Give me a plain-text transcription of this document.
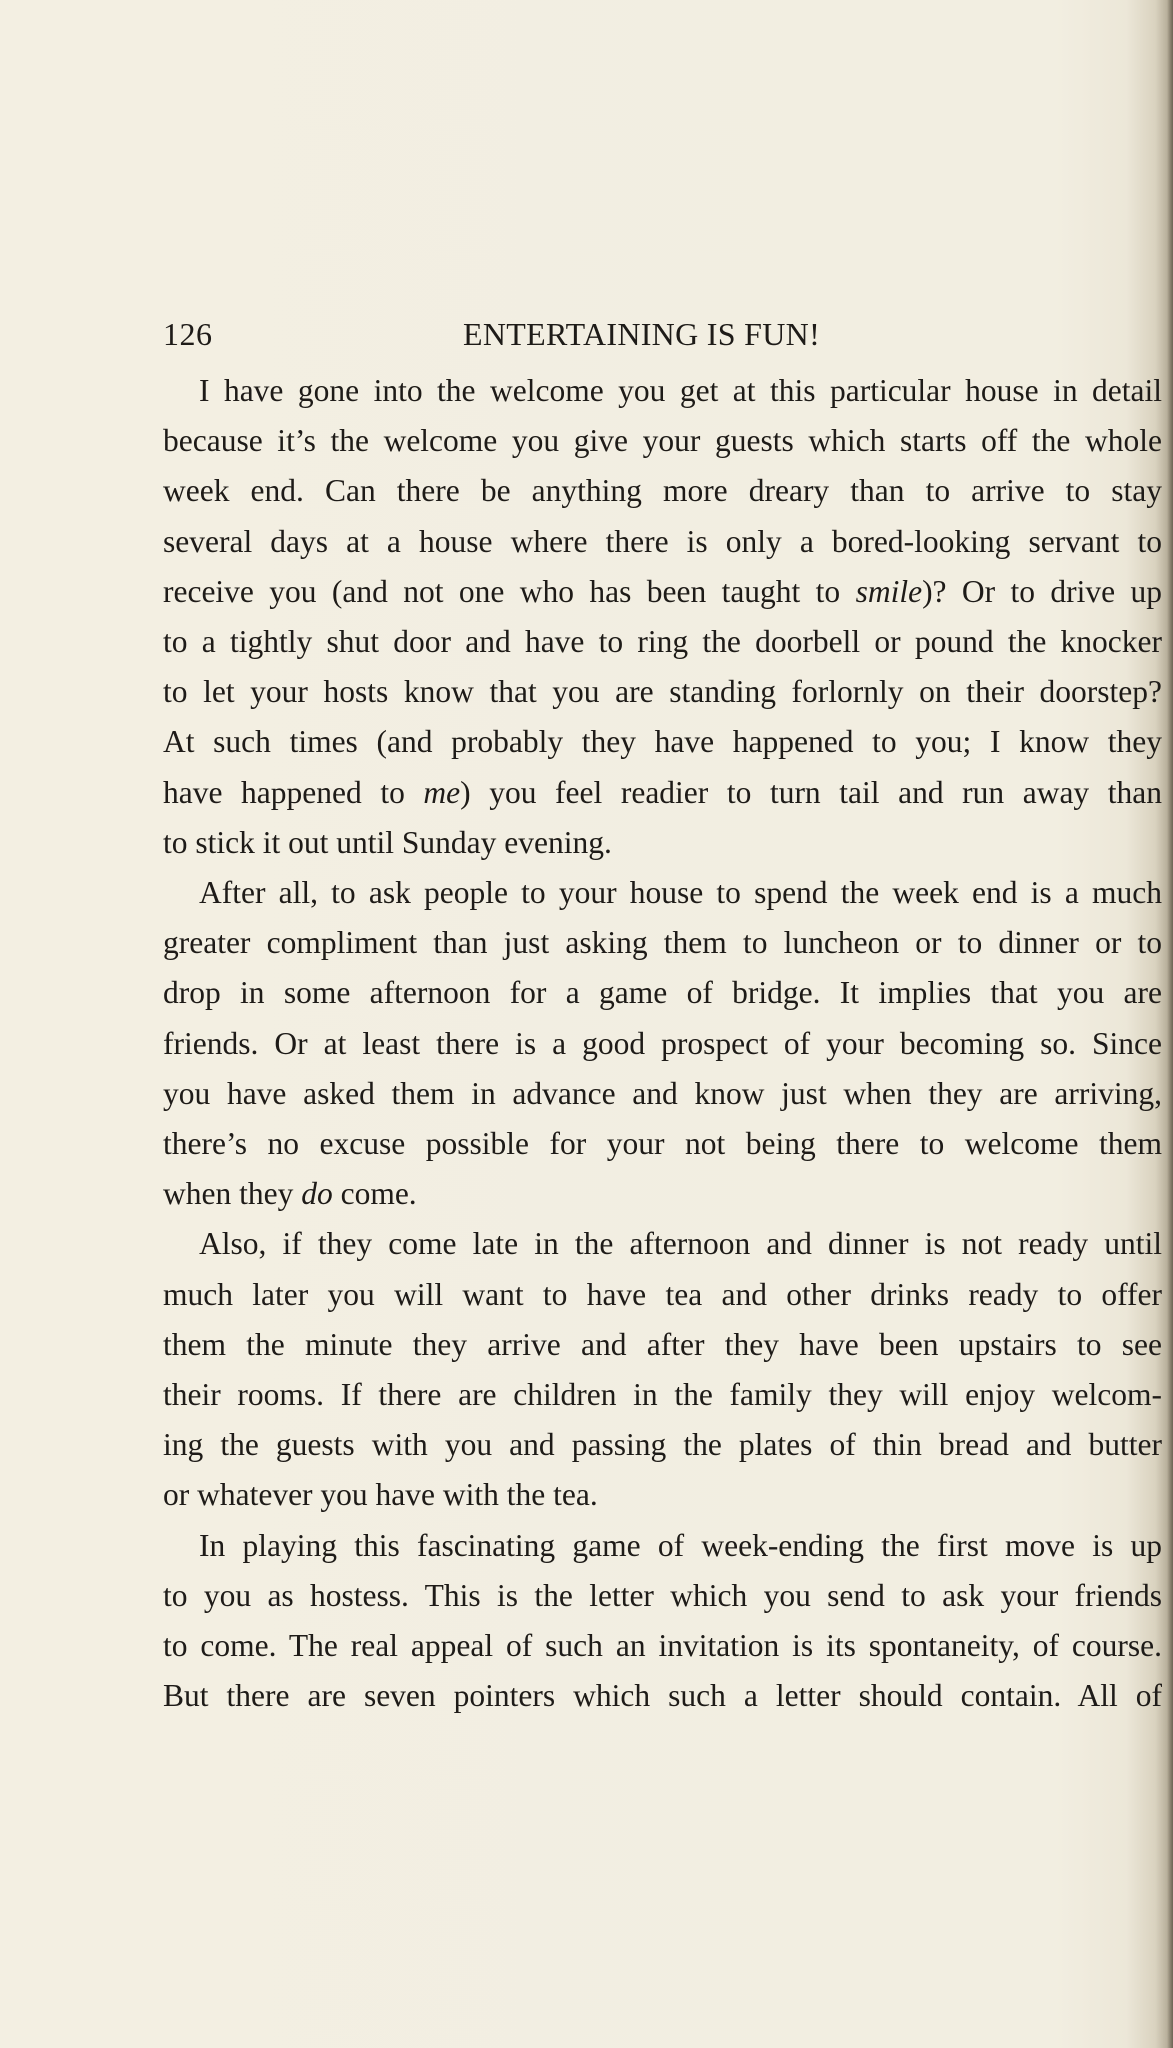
126	ENTERTAINING IS FUN!
I have gone into the welcome you get at this particular house in detail
because it’s the welcome you give your guests which starts off the whole
week end. Can there be anything more dreary than to arrive to stay
several days at a house where there is only a bored-looking servant to
receive you (and not one who has been taught to smile)? Or to drive up
to a tightly shut door and have to ring the doorbell or pound the knocker
to let your hosts know that you are standing forlornly on their doorstep?
At such times (and probably they have happened to you; I know they
have happened to me) you feel readier to turn tail and run away than
to stick it out until Sunday evening.
After all, to ask people to your house to spend the week end is a much
greater compliment than just asking them to luncheon or to dinner or to
drop in some afternoon for a game of bridge. It implies that you are
friends. Or at least there is a good prospect of your becoming so. Since
you have asked them in advance and know just when they are arriving,
there’s no excuse possible for your not being there to welcome them
when they do come.
Also, if they come late in the afternoon and dinner is not ready until
much later you will want to have tea and other drinks ready to offer
them the minute they arrive and after they have been upstairs to see
their rooms. If there are children in the family they will enjoy welcom-
ing the guests with you and passing the plates of thin bread and butter
or whatever you have with the tea.
In playing this fascinating game of week-ending the first move is up
to you as hostess. This is the letter which you send to ask your friends
to come. The real appeal of such an invitation is its spontaneity, of course.
But there are seven pointers which such a letter should contain. All of
